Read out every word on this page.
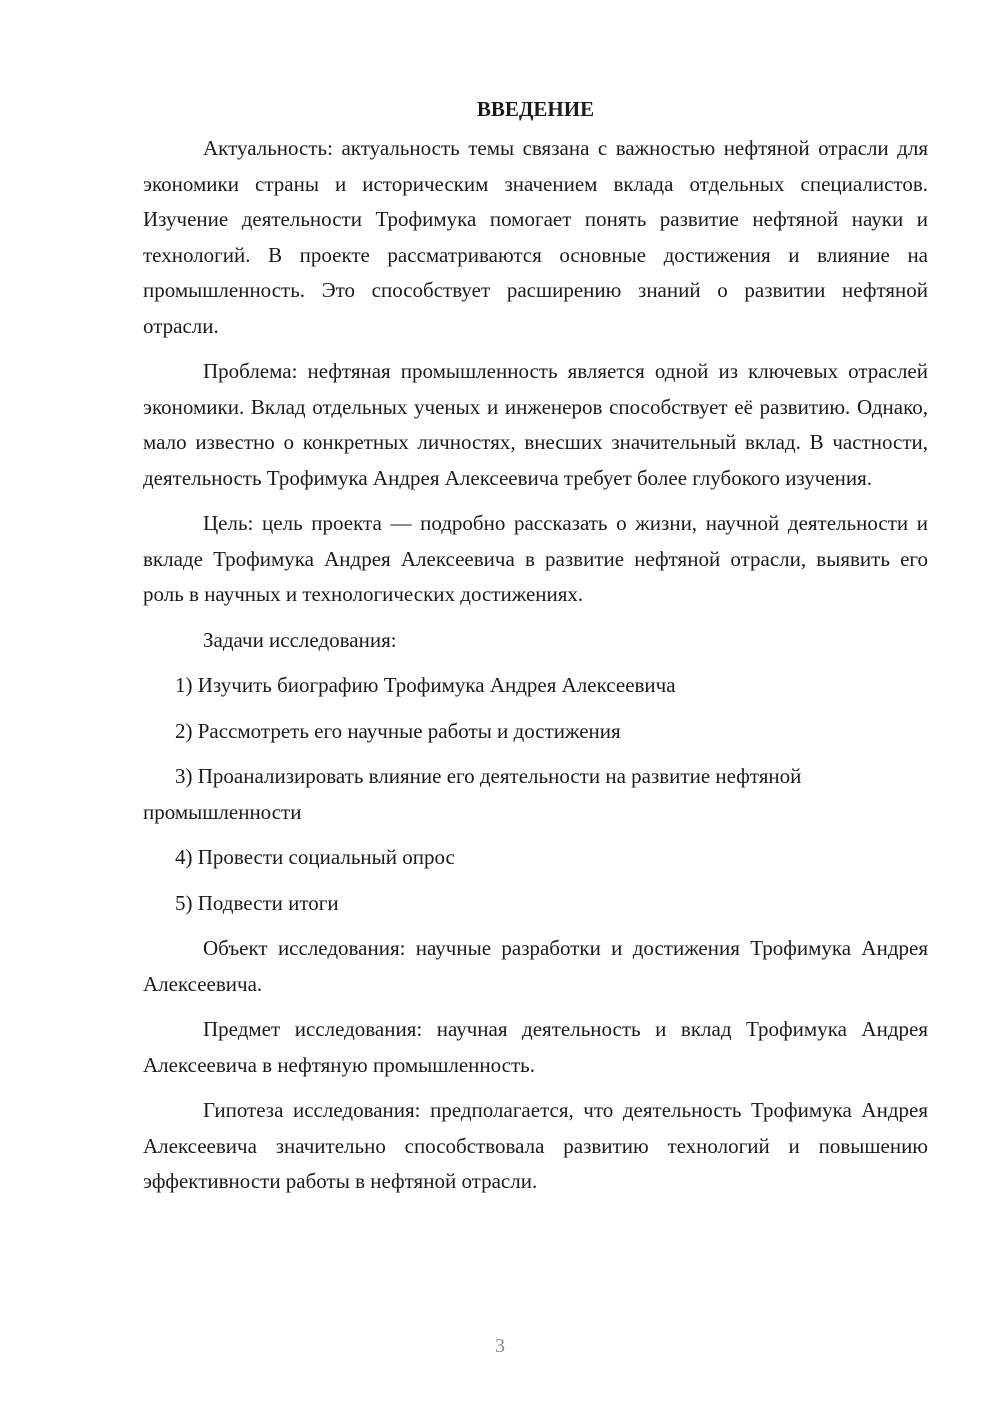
ВВЕДЕНИЕ

Актуальность: актуальность темы связана с важностью нефтяной отрасли для экономики страны и историческим значением вклада отдельных специалистов. Изучение деятельности Трофимука помогает понять развитие нефтяной науки и технологий. В проекте рассматриваются основные достижения и влияние на промышленность. Это способствует расширению знаний о развитии нефтяной отрасли.

Проблема: нефтяная промышленность является одной из ключевых отраслей экономики. Вклад отдельных ученых и инженеров способствует её развитию. Однако, мало известно о конкретных личностях, внесших значительный вклад. В частности, деятельность Трофимука Андрея Алексеевича требует более глубокого изучения.

Цель: цель проекта — подробно рассказать о жизни, научной деятельности и вкладе Трофимука Андрея Алексеевича в развитие нефтяной отрасли, выявить его роль в научных и технологических достижениях.

Задачи исследования:

1) Изучить биографию Трофимука Андрея Алексеевича

2) Рассмотреть его научные работы и достижения

3) Проанализировать влияние его деятельности на развитие нефтяной промышленности

4) Провести социальный опрос

5) Подвести итоги

Объект исследования: научные разработки и достижения Трофимука Андрея Алексеевича.

Предмет исследования: научная деятельность и вклад Трофимука Андрея Алексеевича в нефтяную промышленность.

Гипотеза исследования: предполагается, что деятельность Трофимука Андрея Алексеевича значительно способствовала развитию технологий и повышению эффективности работы в нефтяной отрасли.

3
